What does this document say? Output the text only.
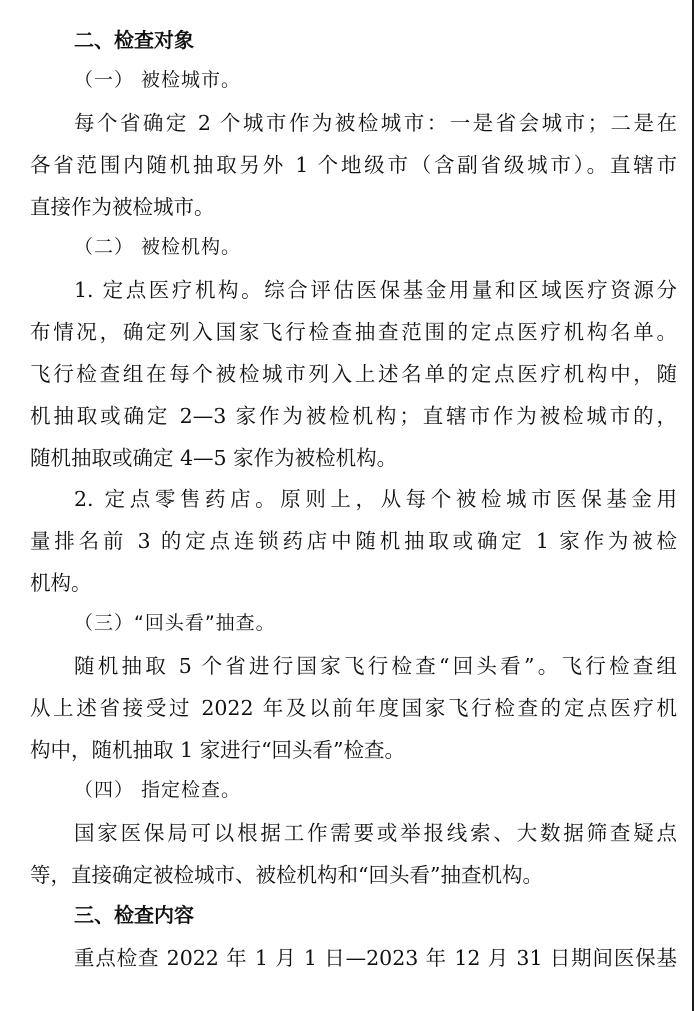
二、检查对象
（一） 被检城市。
每个省确定 2 个城市作为被检城市：一是省会城市；二是在
各省范围内随机抽取另外 1 个地级市（含副省级城市）。直辖市
直接作为被检城市。
（二） 被检机构。
1. 定点医疗机构。综合评估医保基金用量和区域医疗资源分
布情况，确定列入国家飞行检查抽查范围的定点医疗机构名单。
飞行检查组在每个被检城市列入上述名单的定点医疗机构中，随
机抽取或确定 2—3 家作为被检机构；直辖市作为被检城市的，
随机抽取或确定 4—5 家作为被检机构。
2. 定点零售药店。原则上，从每个被检城市医保基金用
量排名前 3 的定点连锁药店中随机抽取或确定 1 家作为被检
机构。
（三）“回头看”抽查。
随机抽取 5 个省进行国家飞行检查“回头看”。飞行检查组
从上述省接受过 2022 年及以前年度国家飞行检查的定点医疗机
构中，随机抽取 1 家进行“回头看”检查。
（四） 指定检查。
国家医保局可以根据工作需要或举报线索、大数据筛查疑点
等，直接确定被检城市、被检机构和“回头看”抽查机构。
三、检查内容
重点检查 2022 年 1 月 1 日—2023 年 12 月 31 日期间医保基
